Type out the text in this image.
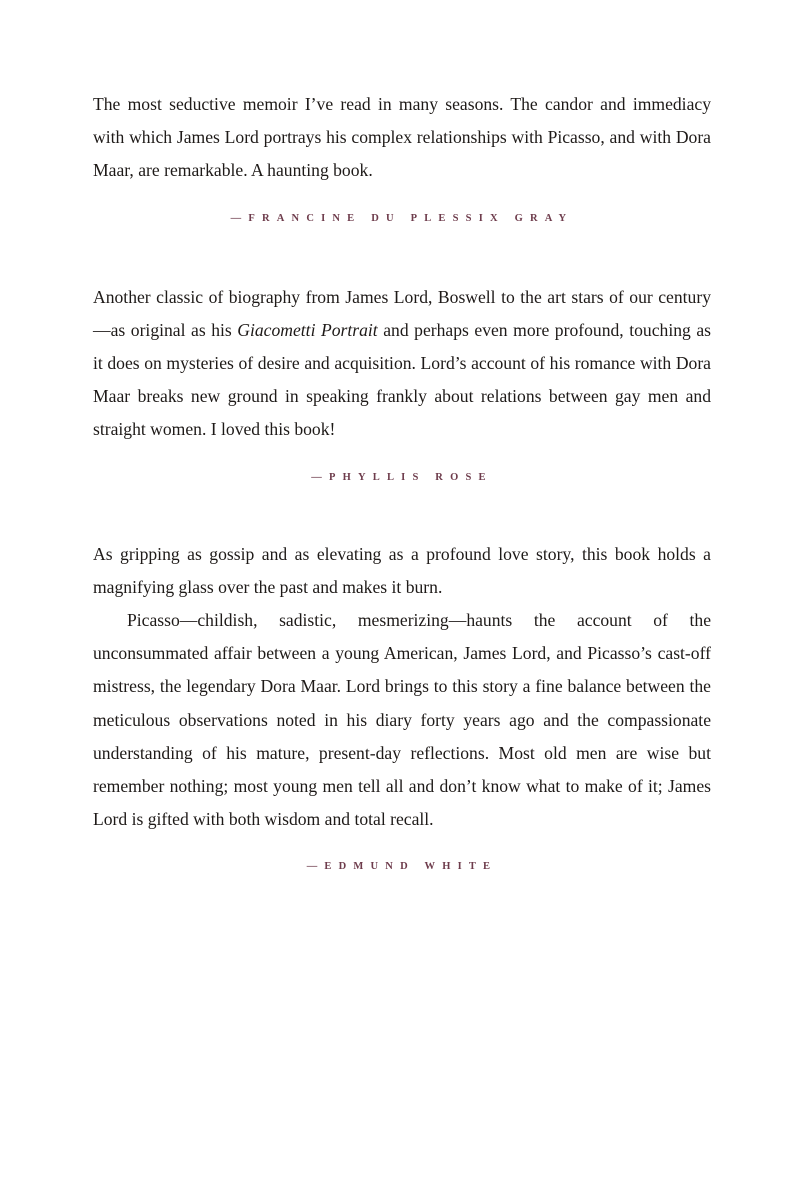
The most seductive memoir I’ve read in many seasons. The candor and immediacy with which James Lord portrays his complex relationships with Picasso, and with Dora Maar, are remarkable. A haunting book.

—FRANCINE DU PLESSIX GRAY

Another classic of biography from James Lord, Boswell to the art stars of our century—as original as his Giacometti Portrait and perhaps even more profound, touching as it does on mysteries of desire and acquisition. Lord’s account of his romance with Dora Maar breaks new ground in speaking frankly about relations between gay men and straight women. I loved this book!

—PHYLLIS ROSE

As gripping as gossip and as elevating as a profound love story, this book holds a magnifying glass over the past and makes it burn.

Picasso—childish, sadistic, mesmerizing—haunts the account of the unconsummated affair between a young American, James Lord, and Picasso’s cast-off mistress, the legendary Dora Maar. Lord brings to this story a fine balance between the meticulous observations noted in his diary forty years ago and the compassionate understanding of his mature, present-day reflections. Most old men are wise but remember nothing; most young men tell all and don’t know what to make of it; James Lord is gifted with both wisdom and total recall.

—EDMUND WHITE
